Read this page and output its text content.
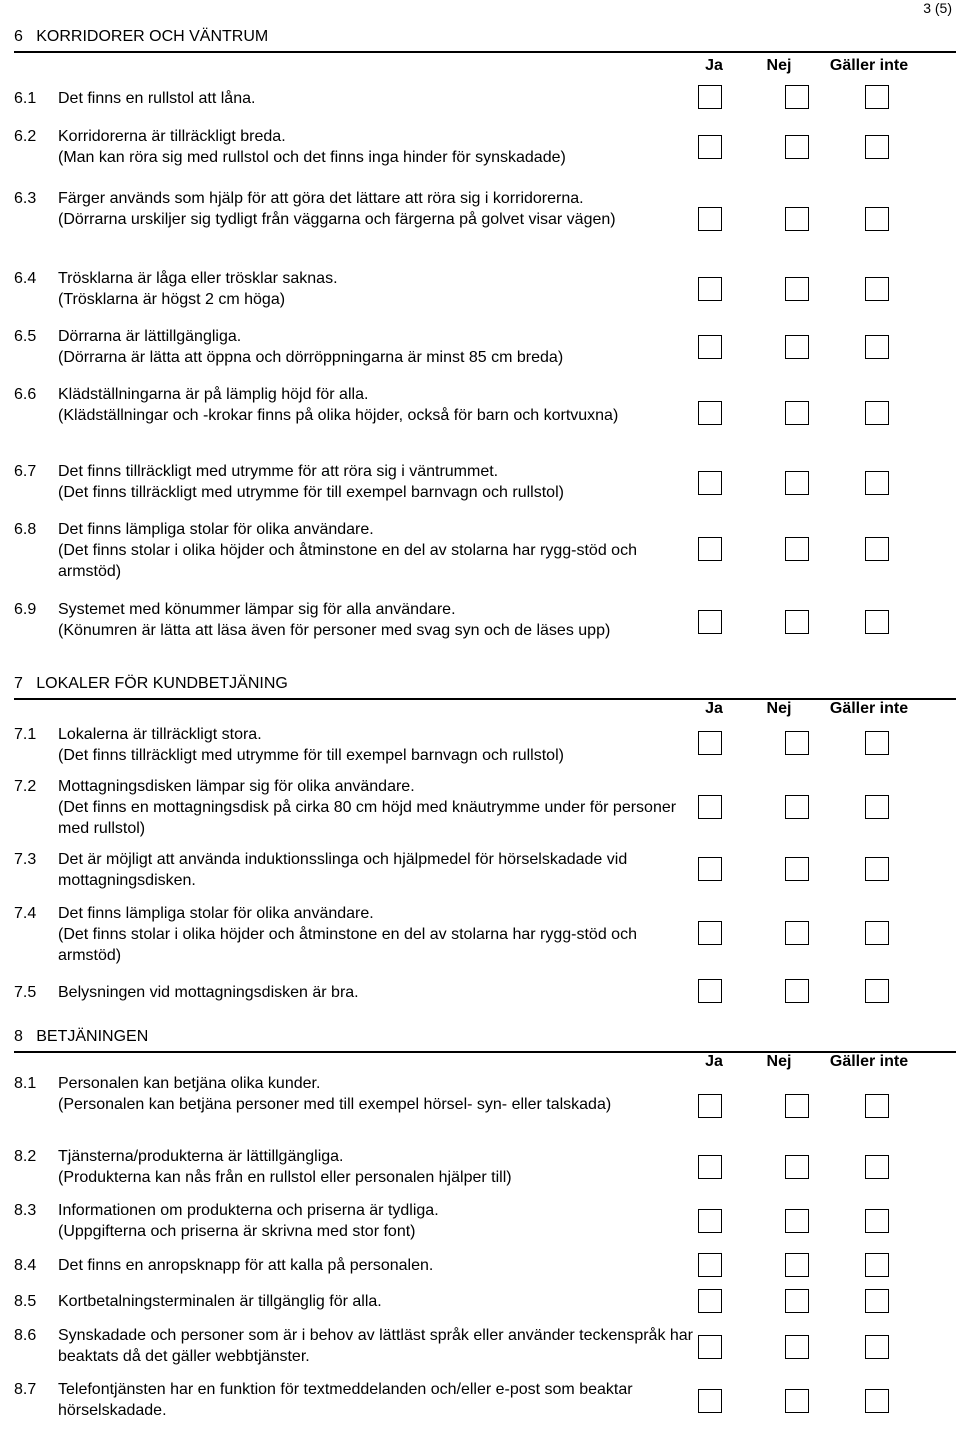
3 (5)
6   KORRIDORER OCH VÄNTRUM
Ja	Nej Gäller inte
6.1	Det finns en rullstol att låna.
6.2	Korridorerna är tillräckligt breda.
(Man kan röra sig med rullstol och det finns inga hinder för synskadade)
6.3	Färger används som hjälp för att göra det lättare att röra sig i korridorerna.
(Dörrarna urskiljer sig tydligt från väggarna och färgerna på golvet visar vägen)
6.4	Trösklarna är låga eller trösklar saknas.
(Trösklarna är högst 2 cm höga)
6.5	Dörrarna är lättillgängliga.
(Dörrarna är lätta att öppna och dörröppningarna är minst 85 cm breda)
6.6	Klädställningarna är på lämplig höjd för alla.
(Klädställningar och -krokar finns på olika höjder, också för barn och kortvuxna)
6.7	Det finns tillräckligt med utrymme för att röra sig i väntrummet.
(Det finns tillräckligt med utrymme för till exempel barnvagn och rullstol)
6.8	Det finns lämpliga stolar för olika användare.
(Det finns stolar i olika höjder och åtminstone en del av stolarna har rygg-stöd och armstöd)
6.9	Systemet med könummer lämpar sig för alla användare.
(Könumren är lätta att läsa även för personer med svag syn och de läses upp)
7   LOKALER FÖR KUNDBETJÄNING
Ja	Nej Gäller inte
7.1	Lokalerna är tillräckligt stora.
(Det finns tillräckligt med utrymme för till exempel barnvagn och rullstol)
7.2	Mottagningsdisken lämpar sig för olika användare.
(Det finns en mottagningsdisk på cirka 80 cm höjd med knäutrymme under för personer med rullstol)
7.3	Det är möjligt att använda induktionsslinga och hjälpmedel för hörselskadade vid mottagningsdisken.
7.4	Det finns lämpliga stolar för olika användare.
(Det finns stolar i olika höjder och åtminstone en del av stolarna har rygg-stöd och armstöd)
7.5	Belysningen vid mottagningsdisken är bra.
8   BETJÄNINGEN
Ja	Nej Gäller inte
8.1	Personalen kan betjäna olika kunder.
(Personalen kan betjäna personer med till exempel hörsel- syn- eller talskada)
8.2	Tjänsterna/produkterna är lättillgängliga.
(Produkterna kan nås från en rullstol eller personalen hjälper till)
8.3	Informationen om produkterna och priserna är tydliga.
(Uppgifterna och priserna är skrivna med stor font)
8.4	Det finns en anropsknapp för att kalla på personalen.
8.5	Kortbetalningsterminalen är tillgänglig för alla.
8.6	Synskadade och personer som är i behov av lättläst språk eller använder teckenspråk har beaktats då det gäller webbtjänster.
8.7	Telefontjänsten har en funktion för textmeddelanden och/eller e-post som beaktar hörselskadade.
